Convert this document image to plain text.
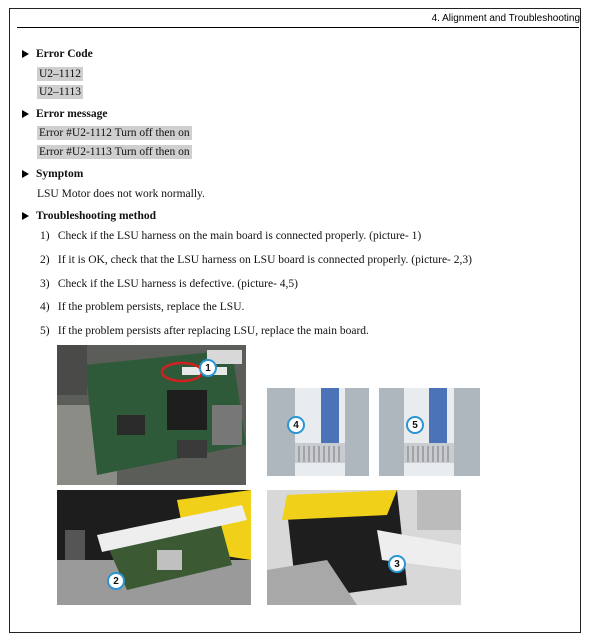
4. Alignment and Troubleshooting
Error Code
U2–1112
U2–1113
Error message
Error #U2-1112 Turn off then on
Error #U2-1113 Turn off then on
Symptom
LSU Motor does not work normally.
Troubleshooting method
1) Check if the LSU harness on the main board is connected properly. (picture- 1)
2) If it is OK, check that the LSU harness on LSU board is connected properly. (picture- 2,3)
3) Check if the LSU harness is defective. (picture- 4,5)
4) If the problem persists, replace the LSU.
5) If the problem persists after replacing LSU, replace the main board.
1
4	5
2
3
